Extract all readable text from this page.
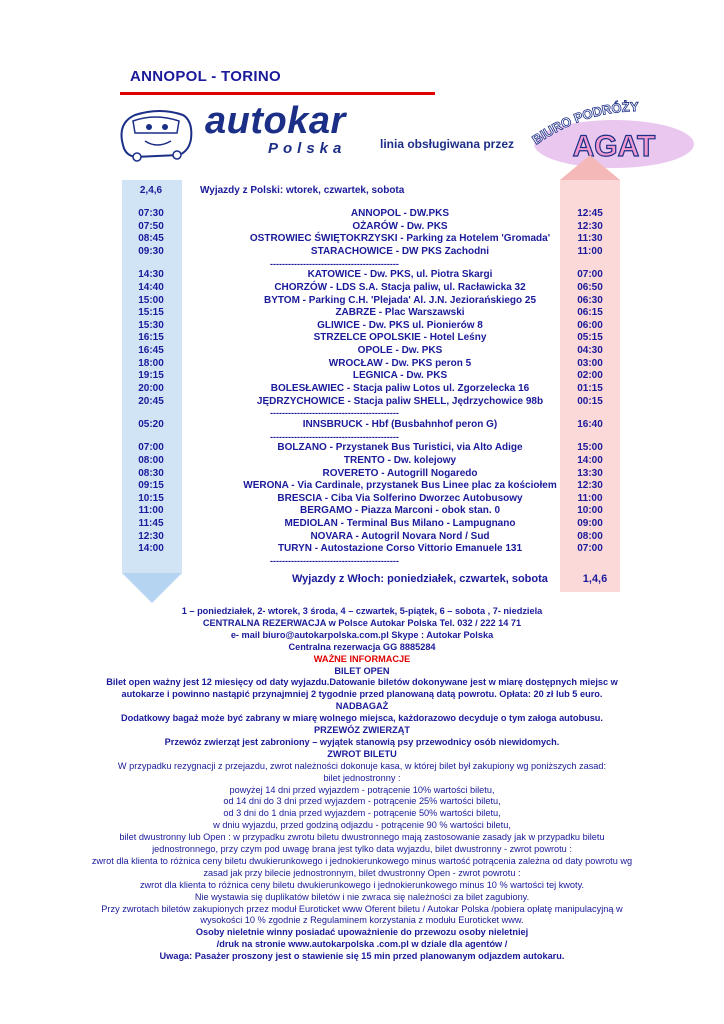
ANNOPOL - TORINO
autokar
Polska	linia obsługiwana przez BIURO PODRÓŻY
AGAT
2,4,6	Wyjazdy z Polski: wtorek, czwartek, sobota
07:30	ANNOPOL - DW.PKS	12:45
07:50	OŻARÓW - Dw. PKS	12:30
08:45	OSTROWIEC ŚWIĘTOKRZYSKI - Parking za Hotelem 'Gromada'	11:30
09:30	STARACHOWICE - DW PKS Zachodni	11:00
-------------------------------------------
14:30	KATOWICE - Dw. PKS, ul. Piotra Skargi	07:00
14:40	CHORZÓW - LDS S.A. Stacja paliw, ul. Racławicka 32	06:50
15:00	BYTOM - Parking C.H. 'Plejada' Al. J.N. Jeziorańskiego 25	06:30
15:15	ZABRZE - Plac Warszawski	06:15
15:30	GLIWICE - Dw. PKS ul. Pionierów 8	06:00
16:15	STRZELCE OPOLSKIE - Hotel Leśny	05:15
16:45	OPOLE - Dw. PKS	04:30
18:00	WROCŁAW - Dw. PKS peron 5	03:00
19:15	LEGNICA - Dw. PKS	02:00
20:00	BOLESŁAWIEC - Stacja paliw Lotos ul. Zgorzelecka 16	01:15
20:45	JĘDRZYCHOWICE - Stacja paliw SHELL, Jędrzychowice 98b	00:15
-------------------------------------------
05:20	INNSBRUCK - Hbf (Busbahnhof peron G)	16:40
-------------------------------------------
07:00	BOLZANO - Przystanek Bus Turistici, via Alto Adige	15:00
08:00	TRENTO - Dw. kolejowy	14:00
08:30	ROVERETO - Autogrill Nogaredo	13:30
09:15	WERONA - Via Cardinale, przystanek Bus Linee plac za kościołem	12:30
10:15	BRESCIA - Ciba Via Solferino Dworzec Autobusowy	11:00
11:00	BERGAMO - Piazza Marconi - obok stan. 0	10:00
11:45	MEDIOLAN - Terminal Bus Milano - Lampugnano	09:00
12:30	NOVARA - Autogril Novara Nord / Sud	08:00
14:00	TURYN - Autostazione Corso Vittorio Emanuele 131	07:00
-------------------------------------------
Wyjazdy z Włoch: poniedziałek, czwartek, sobota	1,4,6
1 – poniedziałek, 2- wtorek, 3 środa, 4 – czwartek, 5-piątek, 6 – sobota , 7- niedziela
CENTRALNA REZERWACJA w Polsce Autokar Polska Tel. 032 / 222 14 71
e- mail biuro@autokarpolska.com.pl Skype : Autokar Polska
Centralna rezerwacja GG 8885284
WAŻNE INFORMACJE
BILET OPEN
Bilet open ważny jest 12 miesięcy od daty wyjazdu.Datowanie biletów dokonywane jest w miarę dostępnych miejsc w
autokarze i powinno nastąpić przynajmniej 2 tygodnie przed planowaną datą powrotu. Opłata: 20 zł lub 5 euro.
NADBAGAŻ
Dodatkowy bagaż może być zabrany w miarę wolnego miejsca, każdorazowo decyduje o tym załoga autobusu.
PRZEWÓZ ZWIERZĄT
Przewóz zwierząt jest zabroniony – wyjątek stanowią psy przewodnicy osób niewidomych.
ZWROT BILETU
W przypadku rezygnacji z przejazdu, zwrot należności dokonuje kasa, w której bilet był zakupiony wg poniższych zasad:
bilet jednostronny :
powyżej 14 dni przed wyjazdem - potrącenie 10% wartości biletu,
od 14 dni do 3 dni przed wyjazdem - potrącenie 25% wartości biletu,
od 3 dni do 1 dnia przed wyjazdem - potrącenie 50% wartości biletu,
w dniu wyjazdu, przed godziną odjazdu - potrącenie 90 % wartości biletu,
bilet dwustronny lub Open : w przypadku zwrotu biletu dwustronnego mają zastosowanie zasady jak w przypadku biletu
jednostronnego, przy czym pod uwagę brana jest tylko data wyjazdu, bilet dwustronny - zwrot powrotu :
zwrot dla klienta to różnica ceny biletu dwukierunkowego i jednokierunkowego minus wartość potrącenia zależna od daty powrotu wg
zasad jak przy bilecie jednostronnym, bilet dwustronny Open - zwrot powrotu :
zwrot dla klienta to różnica ceny biletu dwukierunkowego i jednokierunkowego minus 10 % wartości tej kwoty.
Nie wystawia się duplikatów biletów i nie zwraca się należności za bilet zagubiony.
Przy zwrotach biletów zakupionych przez moduł Euroticket www Oferent biletu / Autokar Polska /pobiera opłatę manipulacyjną w
wysokości 10 % zgodnie z Regulaminem korzystania z modułu Euroticket www.
Osoby nieletnie winny posiadać upoważnienie do przewozu osoby nieletniej
/druk na stronie www.autokarpolska .com.pl w dziale dla agentów /
Uwaga: Pasażer proszony jest o stawienie się 15 min przed planowanym odjazdem autokaru.
